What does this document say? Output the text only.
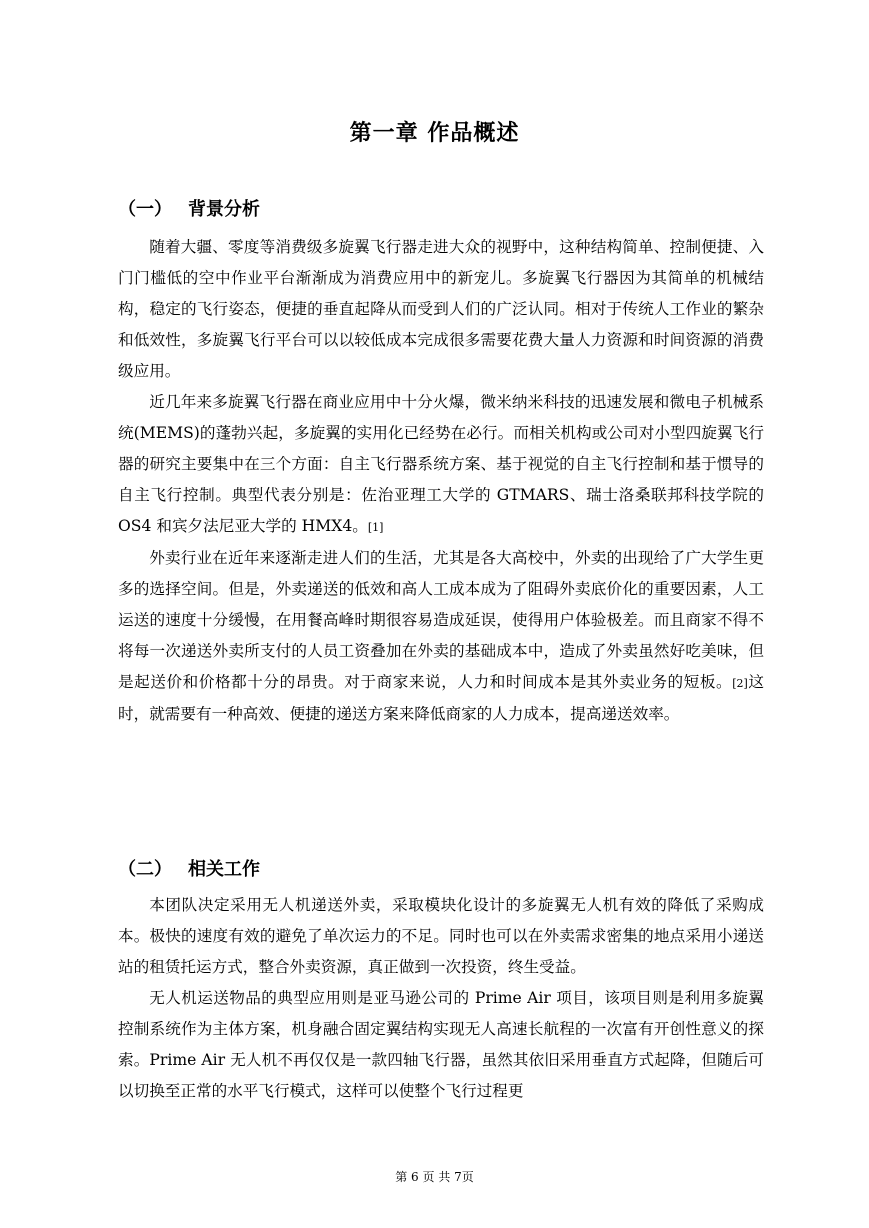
第一章 作品概述
（一） 背景分析

随着大疆、零度等消费级多旋翼飞行器走进大众的视野中，这种结构简单、控制便捷、入门门槛低的空中作业平台渐渐成为消费应用中的新宠儿。多旋翼飞行器因为其简单的机械结构，稳定的飞行姿态，便捷的垂直起降从而受到人们的广泛认同。相对于传统人工作业的繁杂和低效性，多旋翼飞行平台可以以较低成本完成很多需要花费大量人力资源和时间资源的消费级应用。

近几年来多旋翼飞行器在商业应用中十分火爆，微米纳米科技的迅速发展和微电子机械系统(MEMS)的蓬勃兴起，多旋翼的实用化已经势在必行。而相关机构或公司对小型四旋翼飞行器的研究主要集中在三个方面：自主飞行器系统方案、基于视觉的自主飞行控制和基于惯导的自主飞行控制。典型代表分别是：佐治亚理工大学的 GTMARS、瑞士洛桑联邦科技学院的 OS4 和宾夕法尼亚大学的 HMX4。[1]

外卖行业在近年来逐渐走进人们的生活，尤其是各大高校中，外卖的出现给了广大学生更多的选择空间。但是，外卖递送的低效和高人工成本成为了阻碍外卖底价化的重要因素，人工运送的速度十分缓慢，在用餐高峰时期很容易造成延误，使得用户体验极差。而且商家不得不将每一次递送外卖所支付的人员工资叠加在外卖的基础成本中，造成了外卖虽然好吃美味，但是起送价和价格都十分的昂贵。对于商家来说，人力和时间成本是其外卖业务的短板。[2]这时，就需要有一种高效、便捷的递送方案来降低商家的人力成本，提高递送效率。

（二） 相关工作

本团队决定采用无人机递送外卖，采取模块化设计的多旋翼无人机有效的降低了采购成本。极快的速度有效的避免了单次运力的不足。同时也可以在外卖需求密集的地点采用小递送站的租赁托运方式，整合外卖资源，真正做到一次投资，终生受益。

无人机运送物品的典型应用则是亚马逊公司的 Prime Air 项目，该项目则是利用多旋翼控制系统作为主体方案，机身融合固定翼结构实现无人高速长航程的一次富有开创性意义的探索。Prime Air 无人机不再仅仅是一款四轴飞行器，虽然其依旧采用垂直方式起降，但随后可以切换至正常的水平飞行模式，这样可以使整个飞行过程更

第 6 页 共 7页
